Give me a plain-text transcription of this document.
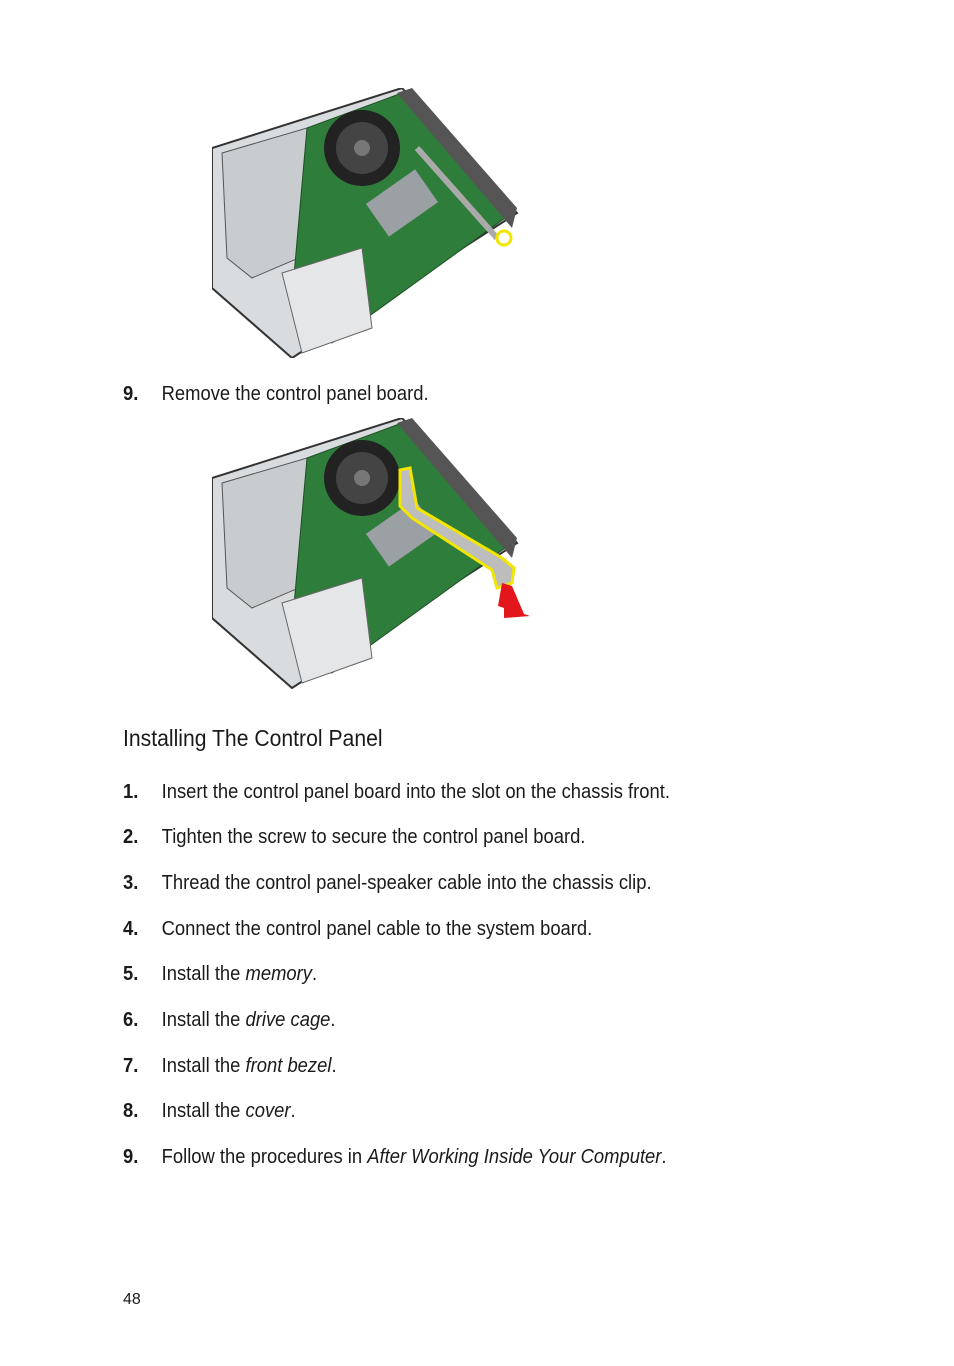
9. Remove the control panel board.
Installing The Control Panel
1. Insert the control panel board into the slot on the chassis front.
2. Tighten the screw to secure the control panel board.
3. Thread the control panel-speaker cable into the chassis clip.
4. Connect the control panel cable to the system board.
5. Install the memory.
6. Install the drive cage.
7. Install the front bezel.
8. Install the cover.
9. Follow the procedures in After Working Inside Your Computer.
48
